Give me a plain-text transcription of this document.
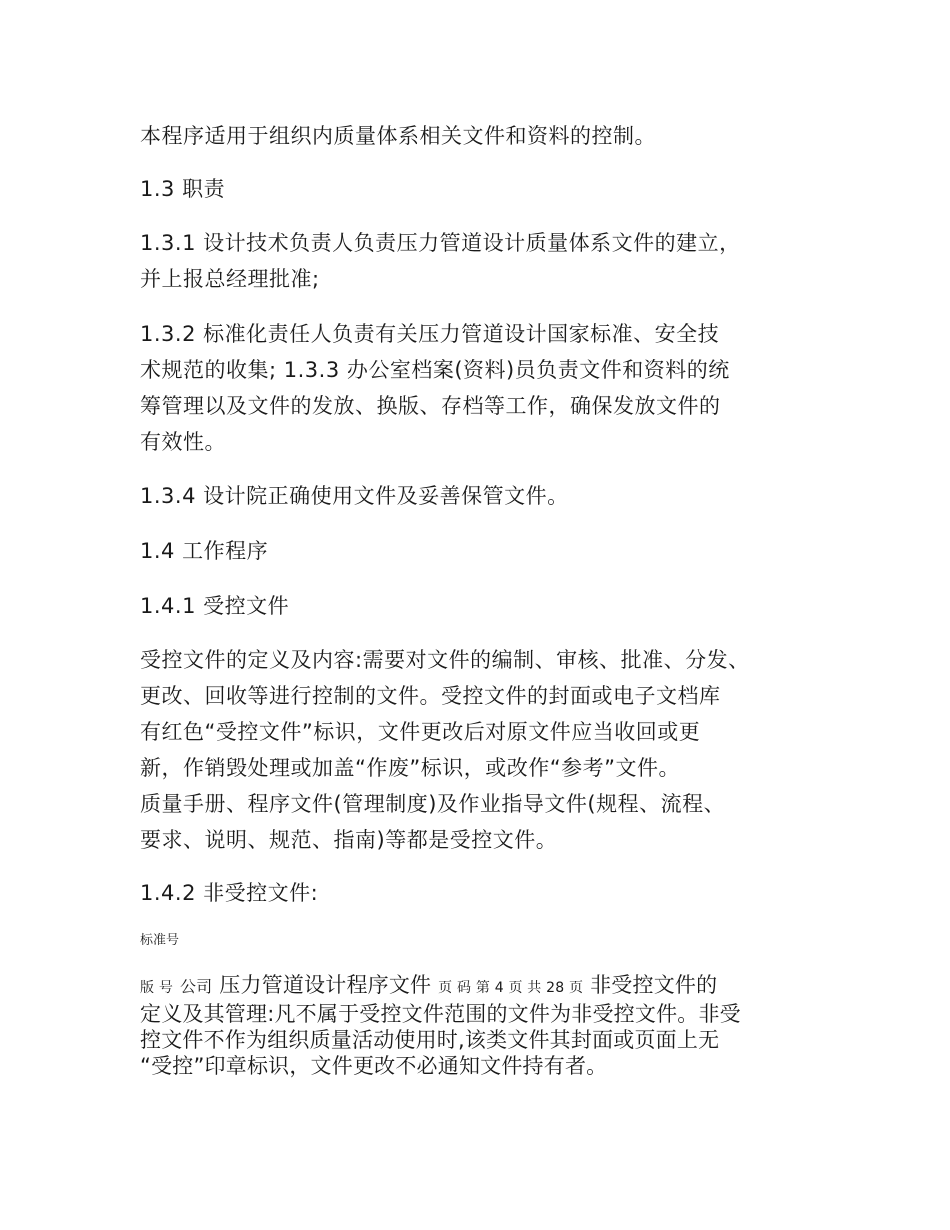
本程序适用于组织内质量体系相关文件和资料的控制。

1.3 职责

1.3.1 设计技术负责人负责压力管道设计质量体系文件的建立，

并上报总经理批准;

1.3.2 标准化责任人负责有关压力管道设计国家标准、安全技

术规范的收集; 1.3.3 办公室档案(资料)员负责文件和资料的统

筹管理以及文件的发放、换版、存档等工作，确保发放文件的

有效性。

1.3.4 设计院正确使用文件及妥善保管文件。

1.4 工作程序

1.4.1 受控文件

受控文件的定义及内容:需要对文件的编制、审核、批准、分发、

更改、回收等进行控制的文件。受控文件的封面或电子文档库

有红色“受控文件”标识，文件更改后对原文件应当收回或更

新，作销毁处理或加盖“作废”标识，或改作“参考”文件。

质量手册、程序文件(管理制度)及作业指导文件(规程、流程、

要求、说明、规范、指南)等都是受控文件。

1.4.2 非受控文件:

标准号

版 号 公司 压力管道设计程序文件 页 码 第 4 页 共 28 页 非受控文件的

定义及其管理:凡不属于受控文件范围的文件为非受控文件。非受

控文件不作为组织质量活动使用时,该类文件其封面或页面上无

“受控”印章标识，文件更改不必通知文件持有者。
